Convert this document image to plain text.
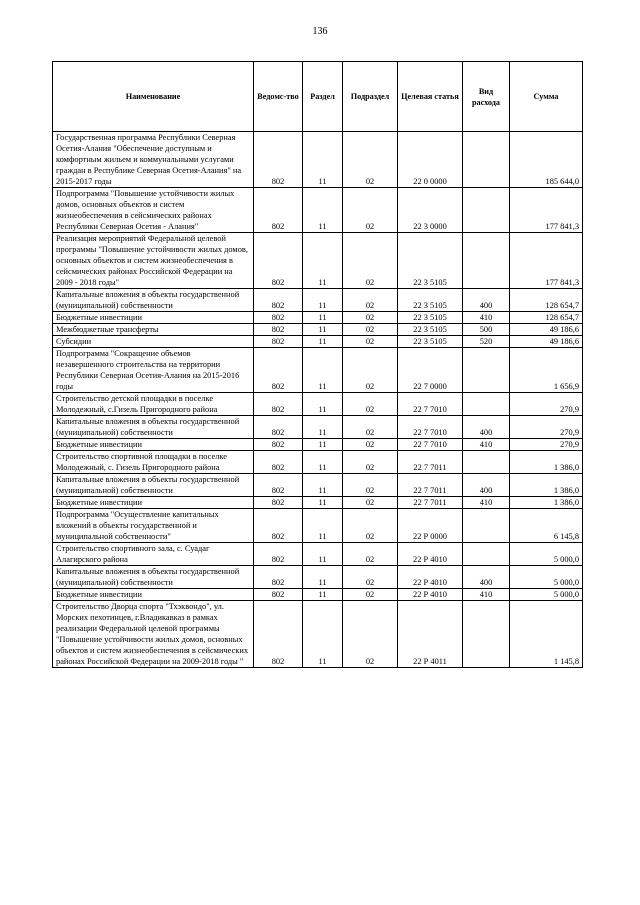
136
Наименование	Ведомс-тво	Раздел	Подраздел	Целевая статья	Вид расхода	Сумма
Государственная программа Республики Северная Осетия-Алания "Обеспечение доступным и комфортным жильем и коммунальными услугами граждан в Республике Северная Осетия-Алания" на 2015-2017 годы	802	11	02	22 0 0000		185 644,0
Подпрограмма "Повышение устойчивости жилых домов, основных объектов и систем жизнеобеспечения в сейсмических районах Республики Северная Осетия - Алания"	802	11	02	22 3 0000		177 841,3
Реализация мероприятий Федеральной целевой программы "Повышение устойчивости жилых домов, основных объектов и систем жизнеобеспечения в сейсмических районах Российской Федерации на 2009 - 2018 годы"	802	11	02	22 3 5105		177 841,3
Капитальные вложения в объекты государственной (муниципальной) собственности	802	11	02	22 3 5105	400	128 654,7
Бюджетные инвестиции	802	11	02	22 3 5105	410	128 654,7
Межбюджетные трансферты	802	11	02	22 3 5105	500	49 186,6
Субсидии	802	11	02	22 3 5105	520	49 186,6
Подпрограмма "Сокращение объемов незавершенного строительства на территории Республики Северная Осетия-Алания на 2015-2016 годы	802	11	02	22 7 0000		1 656,9
Строительство детской площадки в поселке Молодежный, с.Гизель Пригородного района	802	11	02	22 7 7010		270,9
Капитальные вложения в объекты государственной (муниципальной) собственности	802	11	02	22 7 7010	400	270,9
Бюджетные инвестиции	802	11	02	22 7 7010	410	270,9
Строительство спортивной площадки в поселке Молодежный, с. Гизель Пригородного района	802	11	02	22 7 7011		1 386,0
Капитальные вложения в объекты государственной (муниципальной) собственности	802	11	02	22 7 7011	400	1 386,0
Бюджетные инвестиции	802	11	02	22 7 7011	410	1 386,0
Подпрограмма "Осуществление капитальных вложений в объекты государственной и муниципальной собственности"	802	11	02	22 Р 0000		6 145,8
Строительство спортивного зала, с. Суадаг Алагирского района	802	11	02	22 Р 4010		5 000,0
Капитальные вложения в объекты государственной (муниципальной) собственности	802	11	02	22 Р 4010	400	5 000,0
Бюджетные инвестиции	802	11	02	22 Р 4010	410	5 000,0
Строительство Дворца спорта "Тхэквондо", ул. Морских пехотинцев, г.Владикавказ в рамках реализации Федеральной целевой программы "Повышение устойчивости жилых домов, основных объектов и систем жизнеобеспечения в сейсмических районах Российской Федерации на 2009-2018 годы "	802	11	02	22 Р 4011		1 145,8
